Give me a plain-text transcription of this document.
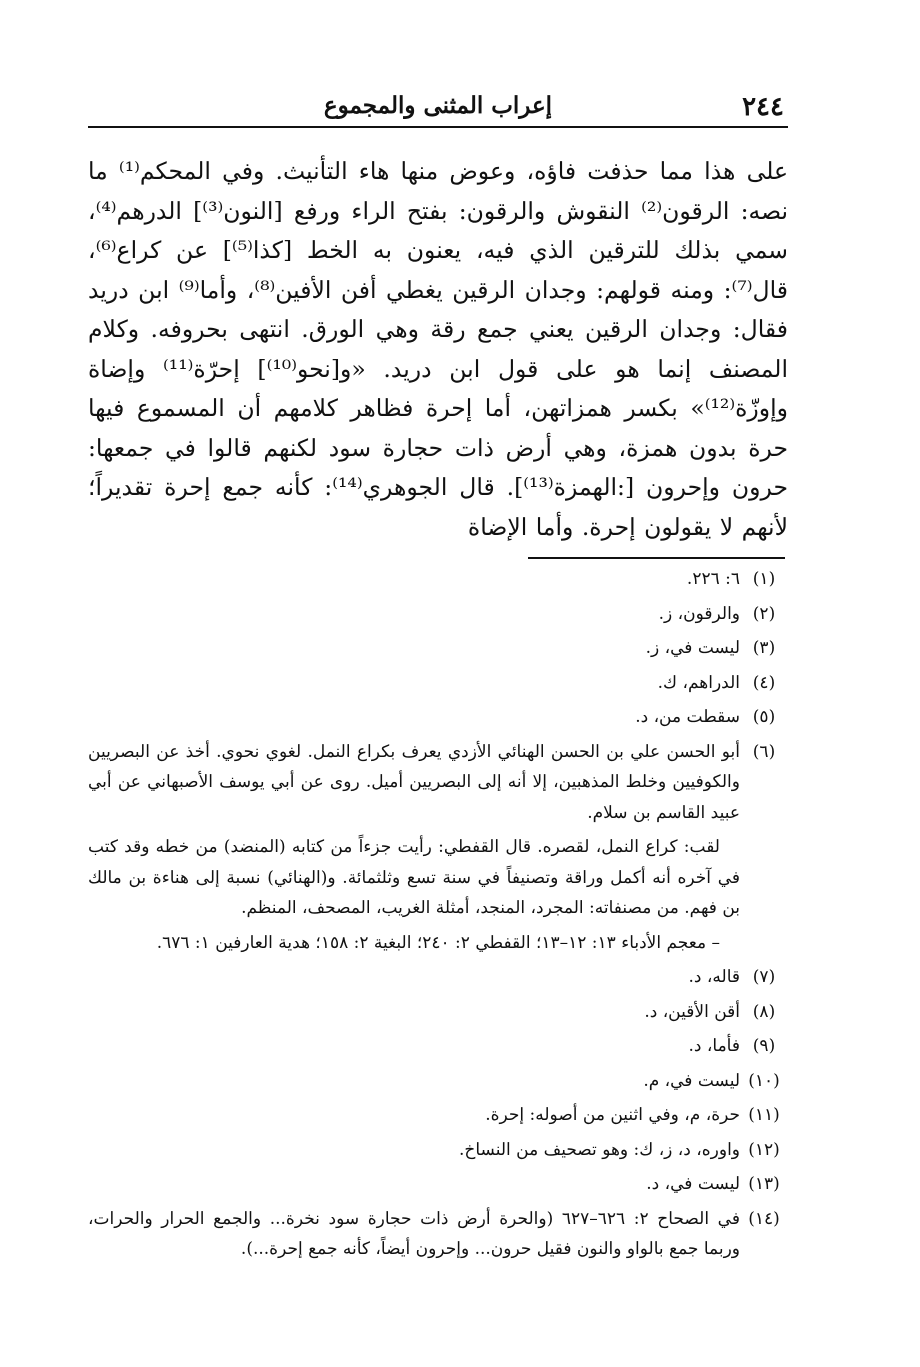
٢٤٤
إعراب المثنى والمجموع

على هذا مما حذفت فاؤه، وعوض منها هاء التأنيث. وفي المحكم⁽¹⁾ ما نصه: الرقون⁽²⁾ النقوش والرقون: بفتح الراء ورفع [النون⁽³⁾] الدرهم⁽⁴⁾، سمي بذلك للترقين الذي فيه، يعنون به الخط [كذا⁽⁵⁾] عن كراع⁽⁶⁾، قال⁽⁷⁾: ومنه قولهم: وجدان الرقين يغطي أفن الأفين⁽⁸⁾، وأما⁽⁹⁾ ابن دريد فقال: وجدان الرقين يعني جمع رقة وهي الورق. انتهى بحروفه. وكلام المصنف إنما هو على قول ابن دريد. «و[نحو⁽¹⁰⁾] إحرّة⁽¹¹⁾ وإضاة وإوزّة⁽¹²⁾» بكسر همزاتهن، أما إحرة فظاهر كلامهم أن المسموع فيها حرة بدون همزة، وهي أرض ذات حجارة سود لكنهم قالوا في جمعها: حرون وإحرون [:الهمزة⁽¹³⁾]. قال الجوهري⁽¹⁴⁾: كأنه جمع إحرة تقديراً؛ لأنهم لا يقولون إحرة. وأما الإضاة

(١)

٦: ٢٢٦.

(٢)

والرقون، ز.

(٣)

ليست في، ز.

(٤)

الدراهم، ك.

(٥)

سقطت من، د.

(٦)

أبو الحسن علي بن الحسن الهنائي الأزدي يعرف بكراع النمل. لغوي نحوي. أخذ عن البصريين والكوفيين وخلط المذهبين، إلا أنه إلى البصريين أميل. روى عن أبي يوسف الأصبهاني عن أبي عبيد القاسم بن سلام.

لقب: كراع النمل، لقصره. قال القفطي: رأيت جزءاً من كتابه (المنضد) من خطه وقد كتب في آخره أنه أكمل وراقة وتصنيفاً في سنة تسع وثلثمائة. و(الهنائي) نسبة إلى هناءة بن مالك بن فهم. من مصنفاته: المجرد، المنجد، أمثلة الغريب، المصحف، المنظم.

– معجم الأدباء ١٣: ١٢–١٣؛ القفطي ٢: ٢٤٠؛ البغية ٢: ١٥٨؛ هدية العارفين ١: ٦٧٦.

(٧)

قاله، د.

(٨)

أقن الأقين، د.

(٩)

فأما، د.

(١٠)

ليست في، م.

(١١)

حرة، م، وفي اثنين من أصوله: إحرة.

(١٢)

واوره، د، ز، ك: وهو تصحيف من النساخ.

(١٣)

ليست في، د.

(١٤)

في الصحاح ٢: ٦٢٦–٦٢٧ (والحرة أرض ذات حجارة سود نخرة... والجمع الحرار والحرات، وربما جمع بالواو والنون فقيل حرون... وإحرون أيضاً، كأنه جمع إحرة...).
